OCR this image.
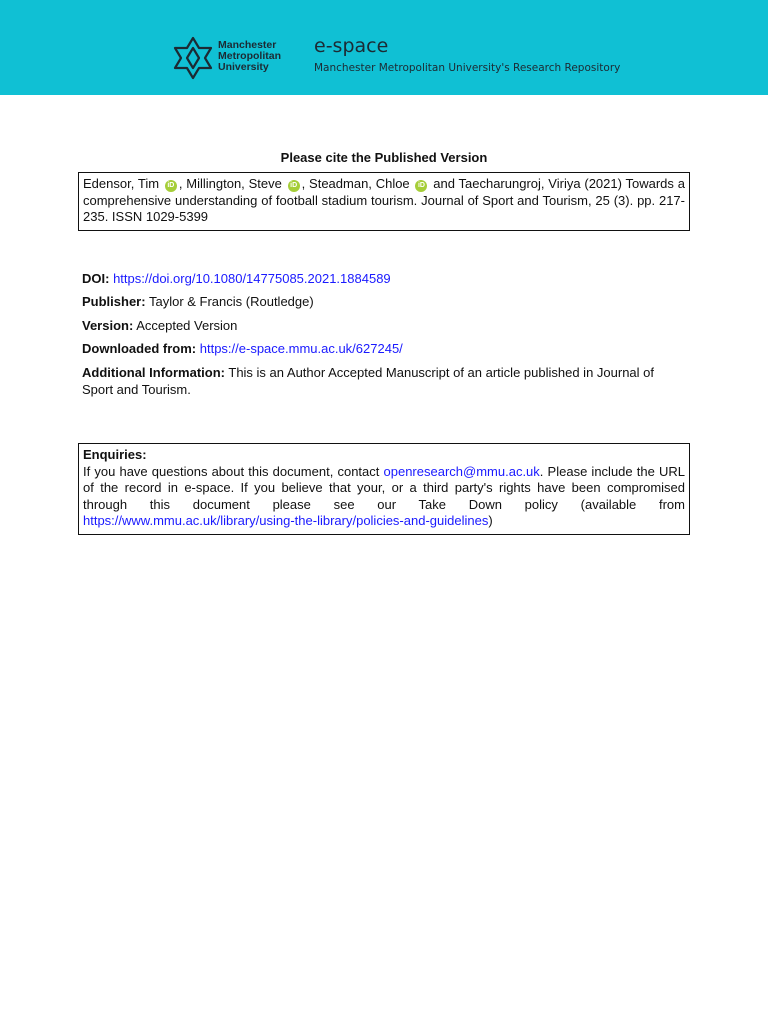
Manchester
Metropolitan
University
e-space
Manchester Metropolitan University's Research Repository
Please cite the Published Version
Edensor, Tim iD , Millington, Steve iD , Steadman, Chloe iD and Taecharungroj, Viriya (2021) Towards a comprehensive understanding of football stadium tourism. Journal of Sport and Tourism, 25 (3). pp. 217-235. ISSN 1029-5399
DOI: https://doi.org/10.1080/14775085.2021.1884589
Publisher: Taylor & Francis (Routledge)
Version: Accepted Version
Downloaded from: https://e-space.mmu.ac.uk/627245/
Additional Information: This is an Author Accepted Manuscript of an article published in Journal of Sport and Tourism.
Enquiries:
If you have questions about this document, contact openresearch@mmu.ac.uk. Please include the URL of the record in e-space. If you believe that your, or a third party's rights have been compromised through this document please see our Take Down policy (available from https://www.mmu.ac.uk/library/using-the-library/policies-and-guidelines)
